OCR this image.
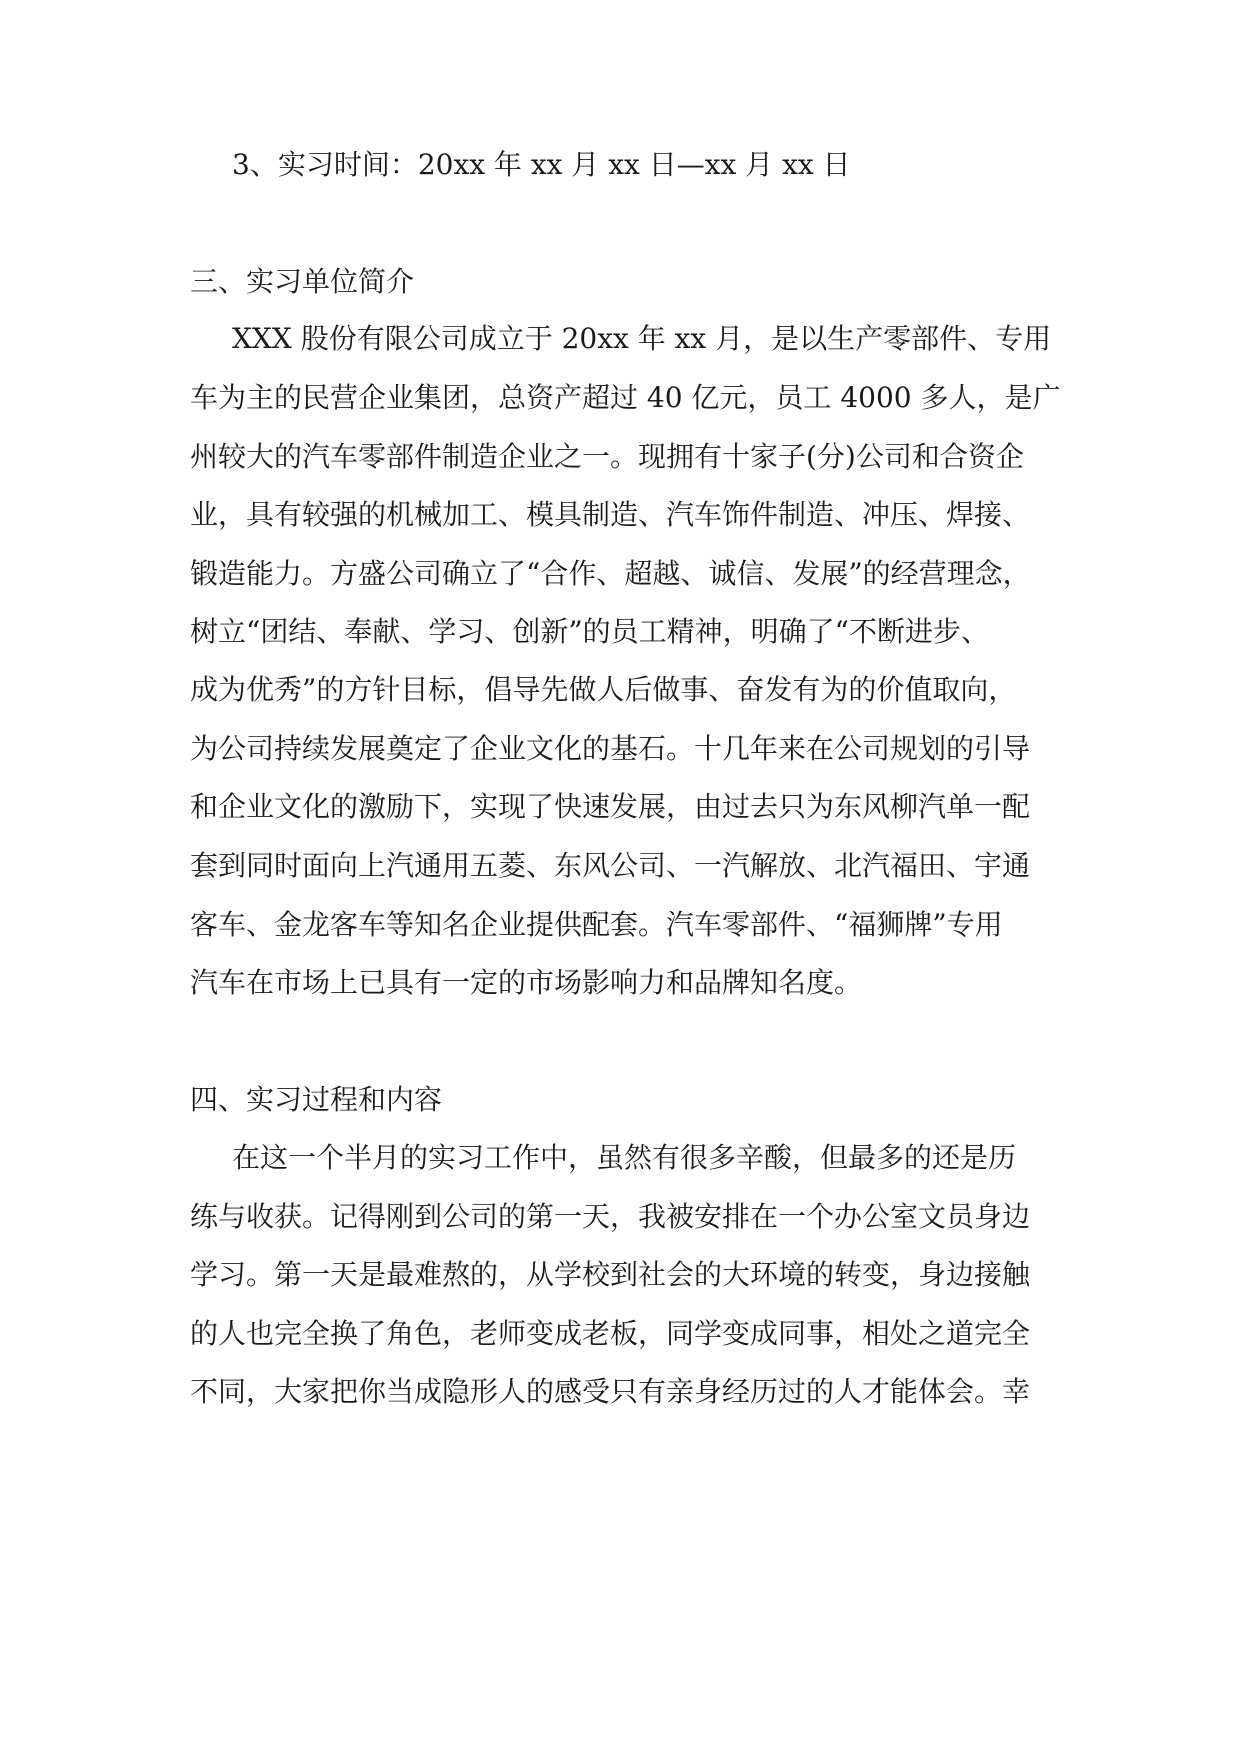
3、实习时间：20xx 年 xx 月 xx 日—xx 月 xx 日
三、实习单位简介
XXX 股份有限公司成立于 20xx 年 xx 月，是以生产零部件、专用
车为主的民营企业集团，总资产超过 40 亿元，员工 4000 多人，是广
州较大的汽车零部件制造企业之一。现拥有十家子(分)公司和合资企
业，具有较强的机械加工、模具制造、汽车饰件制造、冲压、焊接、
锻造能力。方盛公司确立了“合作、超越、诚信、发展”的经营理念，
树立“团结、奉献、学习、创新”的员工精神，明确了“不断进步、
成为优秀”的方针目标，倡导先做人后做事、奋发有为的价值取向，
为公司持续发展奠定了企业文化的基石。十几年来在公司规划的引导
和企业文化的激励下，实现了快速发展，由过去只为东风柳汽单一配
套到同时面向上汽通用五菱、东风公司、一汽解放、北汽福田、宇通
客车、金龙客车等知名企业提供配套。汽车零部件、“福狮牌”专用
汽车在市场上已具有一定的市场影响力和品牌知名度。
四、实习过程和内容
在这一个半月的实习工作中，虽然有很多辛酸，但最多的还是历
练与收获。记得刚到公司的第一天，我被安排在一个办公室文员身边
学习。第一天是最难熬的，从学校到社会的大环境的转变，身边接触
的人也完全换了角色，老师变成老板，同学变成同事，相处之道完全
不同，大家把你当成隐形人的感受只有亲身经历过的人才能体会。幸
